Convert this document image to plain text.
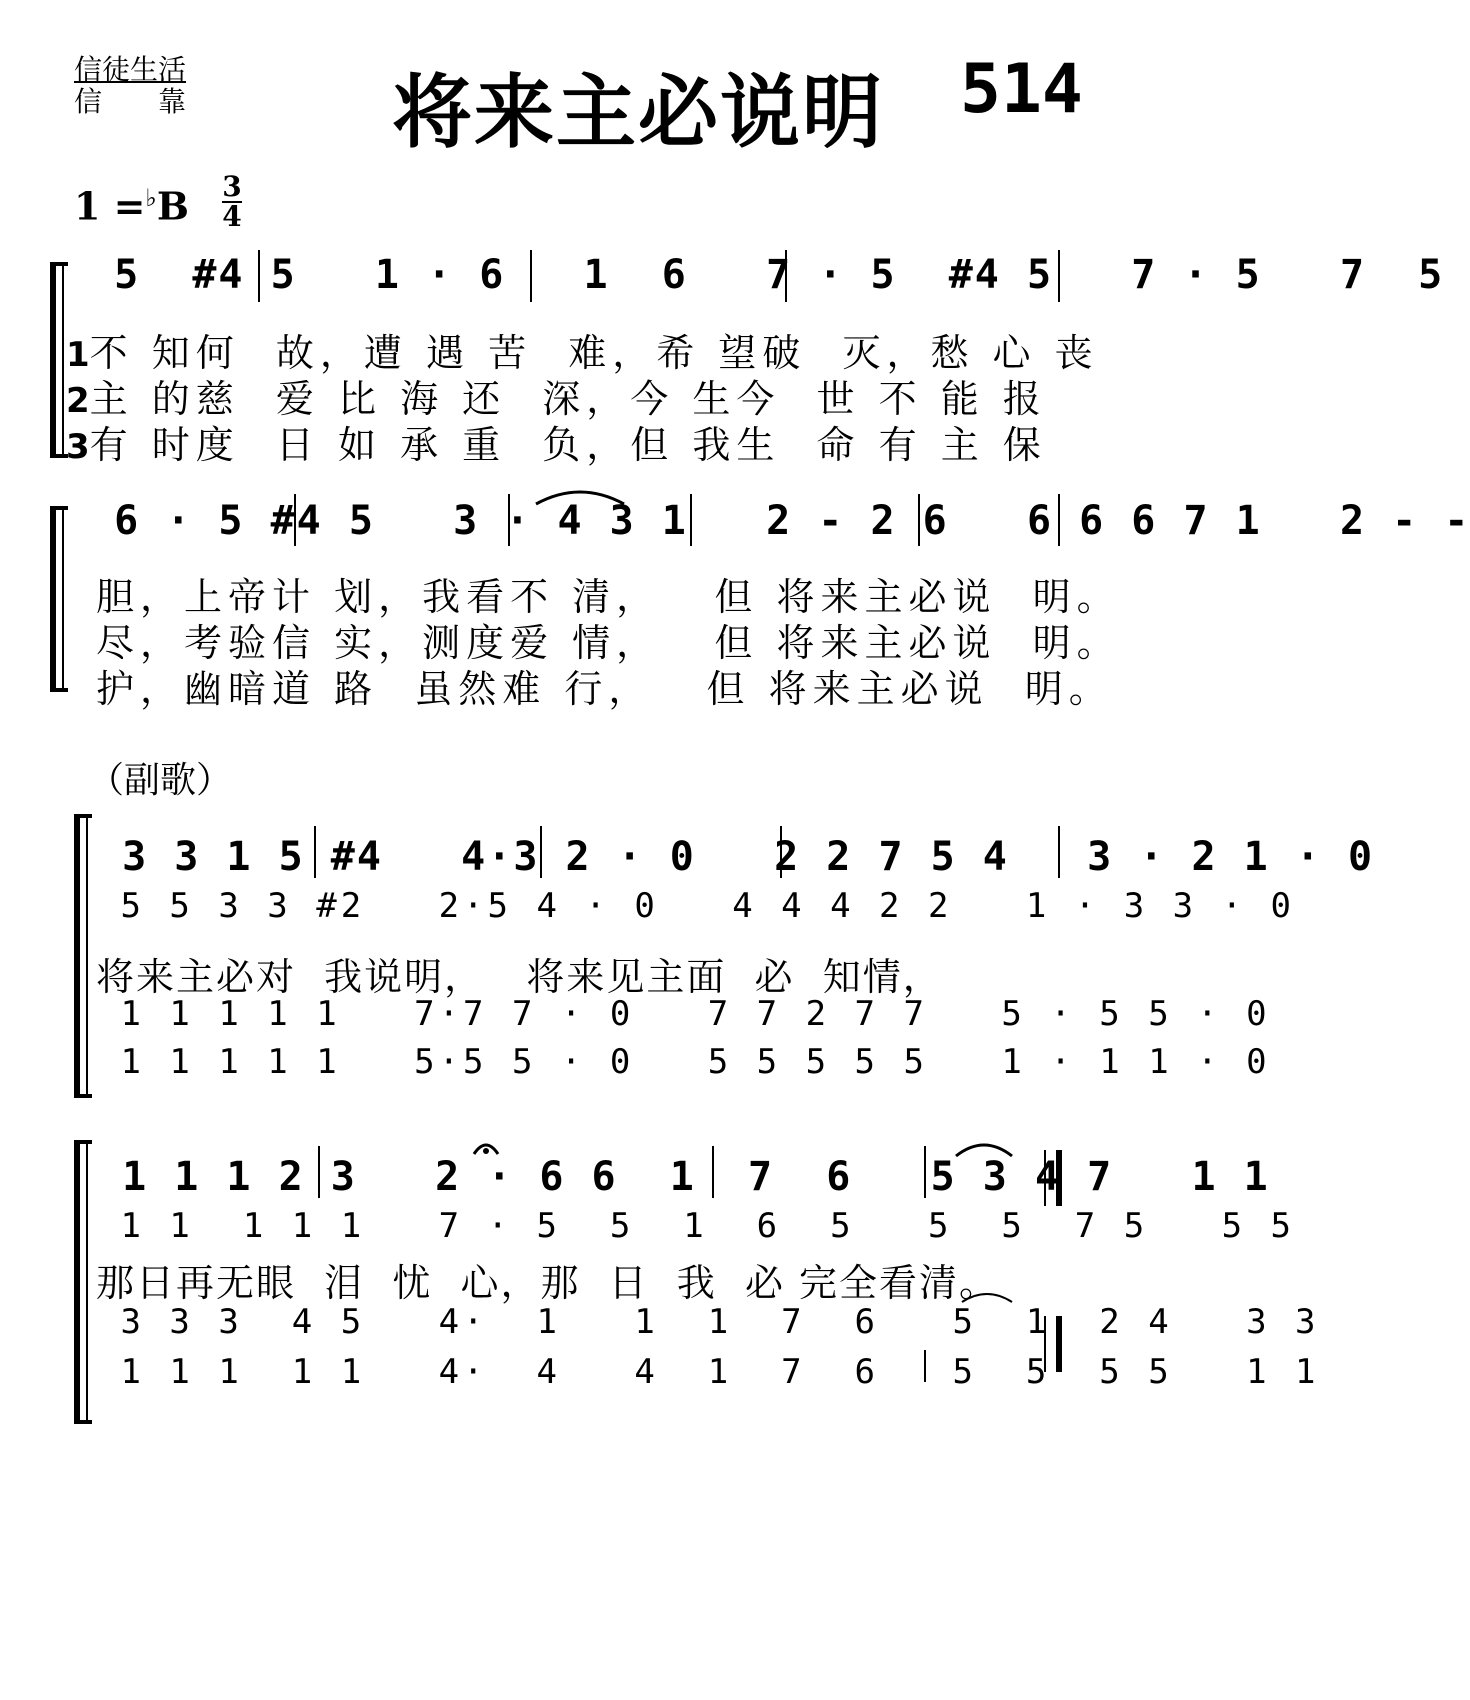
信徒生活
信 靠	将来主必说明 514
1 =♭B 3
4
5  #4 5   1 · 6   1  6   7 · 5  #4 5   7 · 5   7  5
1不 知何  故，遭 遇 苦  难，希 望破  灭，愁 心 丧
2主 的慈  爱 比 海 还  深，今 生今  世 不 能 报
3有 时度  日 如 承 重  负，但 我生  命 有 主 保
6 · 5 #4 5   3 · 4 3 1   2 - 2 6   6 6 6 7 1   2 - -
胆，上帝计 划，我看不 清，   但 将来主必说  明。
尽，考验信 实，测度爱 情，   但 将来主必说  明。
护，幽暗道 路  虽然难 行，   但 将来主必说  明。
（副歌）
3 3 1 5 #4   4·3 2 · 0   2 2 7 5 4   3 · 2 1 · 0
5 5 3 3 #2   2·5 4 · 0   4 4 4 2 2   1 · 3 3 · 0
将来主必对  我说明，   将来见主面  必  知情，
1 1 1 1 1   7·7 7 · 0   7 7 2 7 7   5 · 5 5 · 0
1 1 1 1 1   5·5 5 · 0   5 5 5 5 5   1 · 1 1 · 0
1 1 1 2 3   2 · 6 6  1  7  6   5 3 4 7   1 1
1 1  1 1 1   7 · 5  5  1  6  5   5  5  7 5   5 5
那日再无眼  泪  忧  心，那  日  我  必 完全看清。
3 3 3  4 5   4·  1   1  1  7  6   5  1  2 4   3 3
1 1 1  1 1   4·  4   4  1  7  6   5  5  5 5   1 1
